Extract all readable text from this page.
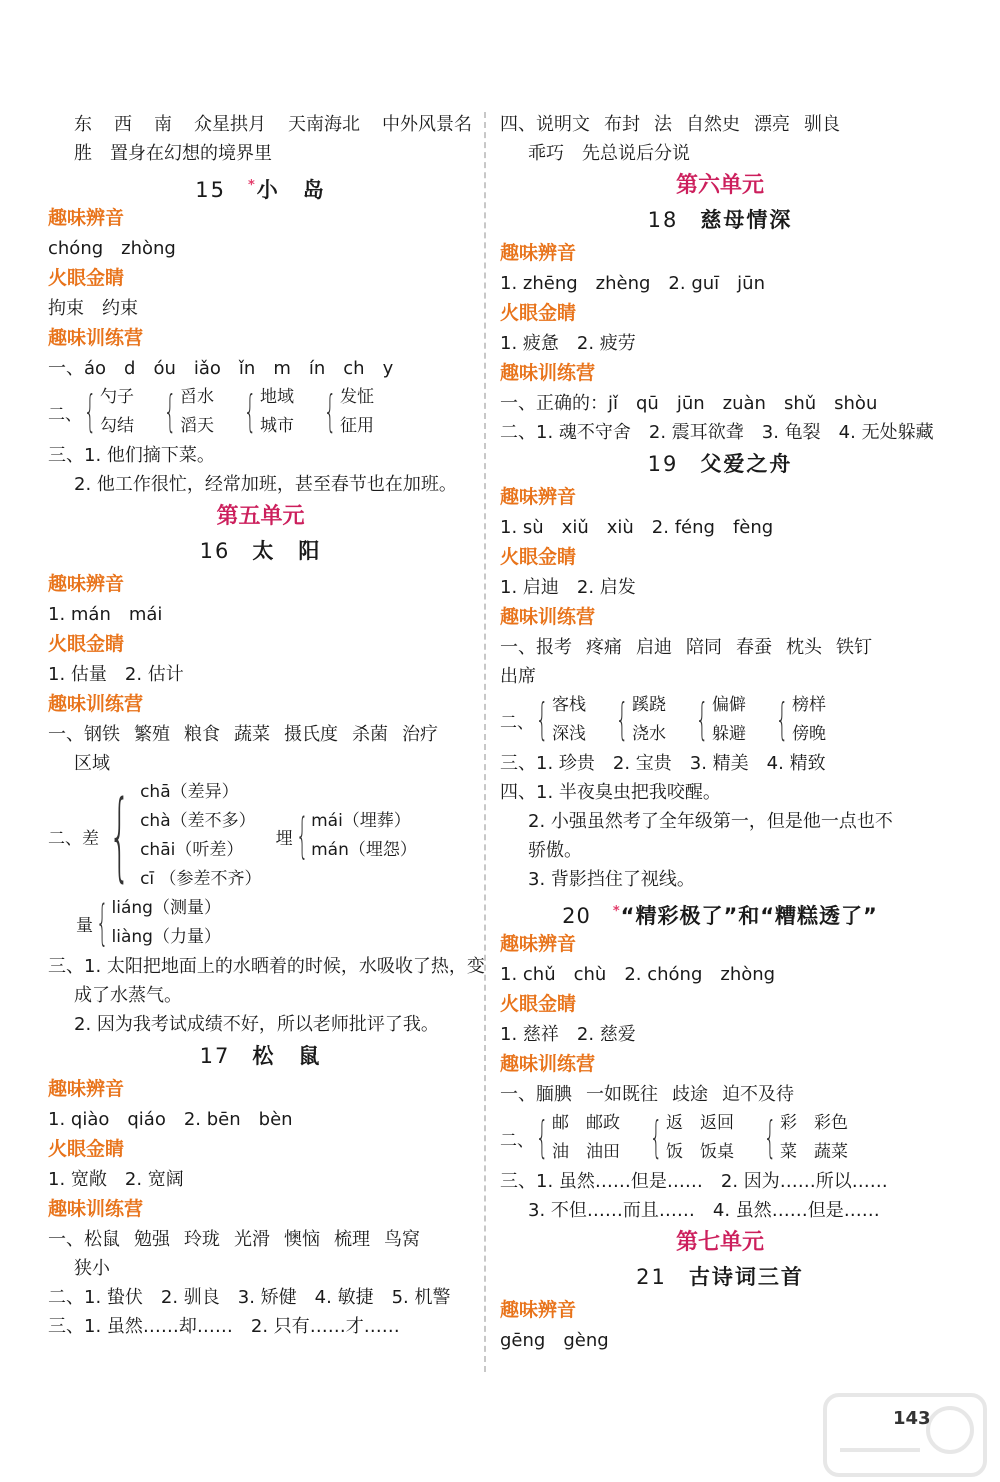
东 西 南 众星拱月 天南海北 中外风景名
胜　置身在幻想的境界里
15 *小　岛
趣味辨音
chóng　zhòng
火眼金睛
拘束　约束
趣味训练营
一、áo　d　óu　iǎo　ǐn　m　ín　ch　y
二、 { 勺子
勾结 { 舀水
滔天 { 地域
城市 { 发怔
征用
三、1. 他们摘下菜。
2. 他工作很忙，经常加班，甚至春节也在加班。
第五单元
16 太　阳
趣味辨音
1. mán　mái
火眼金睛
1. 估量　2. 估计
趣味训练营
一、钢铁 繁殖 粮食 蔬菜 摄氏度 杀菌 治疗
区域
二、差 { chā（差异）
chà（差不多）
chāi（听差）
cī （参差不齐）
埋 { mái（埋葬）
mán（埋怨）
量 { liáng（测量）
liàng（力量）
三、1. 太阳把地面上的水晒着的时候，水吸收了热，变
成了水蒸气。
2. 因为我考试成绩不好，所以老师批评了我。
17 松　鼠
趣味辨音
1. qiào　qiáo　2. bēn　bèn
火眼金睛
1. 宽敞　2. 宽阔
趣味训练营
一、松鼠 勉强 玲珑 光滑 懊恼 梳理 鸟窝
狭小
二、1. 蛰伏　2. 驯良　3. 矫健　4. 敏捷　5. 机警
三、1. 虽然……却……　2. 只有……才……
四、说明文 布封 法 自然史 漂亮 驯良
乖巧　先总说后分说
第六单元
18 慈母情深
趣味辨音
1. zhēng　zhèng　2. guī　jūn
火眼金睛
1. 疲惫　2. 疲劳
趣味训练营
一、正确的：jǐ　qū　jūn　zuàn　shǔ　shòu
二、1. 魂不守舍　2. 震耳欲聋　3. 龟裂　4. 无处躲藏
19 父爱之舟
趣味辨音
1. sù　xiǔ　xiù　2. féng　fèng
火眼金睛
1. 启迪　2. 启发
趣味训练营
一、报考 疼痛 启迪 陪同 春蚕 枕头 铁钉
出席
二、 { 客栈
深浅 { 蹊跷
浇水 { 偏僻
躲避 { 榜样
傍晚
三、1. 珍贵　2. 宝贵　3. 精美　4. 精致
四、1. 半夜臭虫把我咬醒。
2. 小强虽然考了全年级第一，但是他一点也不
骄傲。
3. 背影挡住了视线。
20 *“精彩极了”和“糟糕透了”
趣味辨音
1. chǔ　chù　2. chóng　zhòng
火眼金睛
1. 慈祥　2. 慈爱
趣味训练营
一、腼腆 一如既往 歧途 迫不及待
二、 { 邮　邮政
油　油田 { 返　返回
饭　饭桌 { 彩　彩色
菜　蔬菜
三、1. 虽然……但是……　2. 因为……所以……
3. 不但……而且……　4. 虽然……但是……
第七单元
21 古诗词三首
趣味辨音
gēng　gèng
143
